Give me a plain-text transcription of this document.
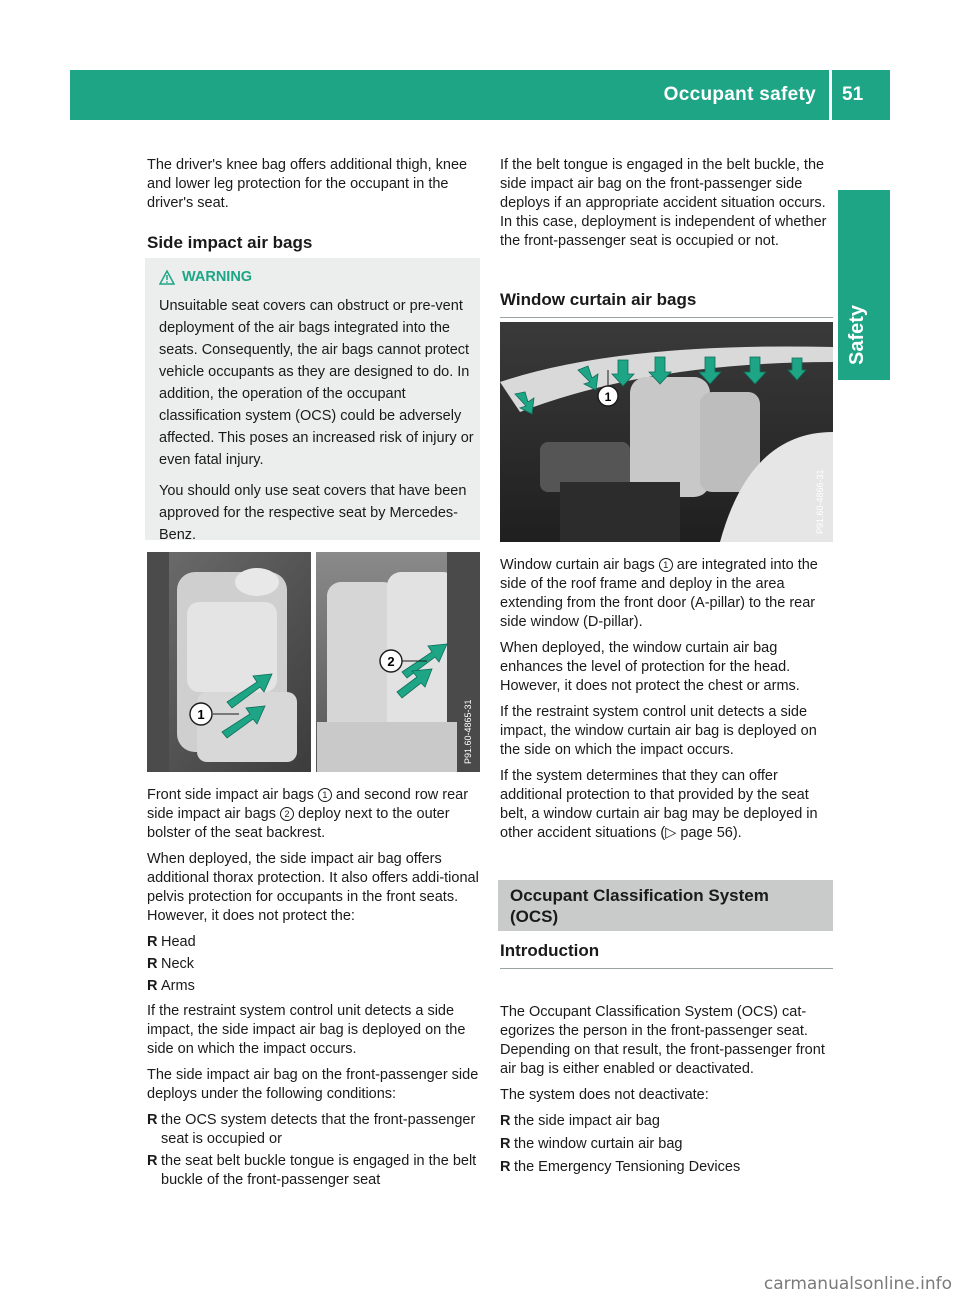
Occupant safety 51
Safety

The driver's knee bag offers additional thigh, knee and lower leg protection for the occupant in the driver's seat.

Side impact air bags
WARNING

Unsuitable seat covers can obstruct or pre-vent deployment of the air bags integrated into the seats. Consequently, the air bags cannot protect vehicle occupants as they are designed to do. In addition, the operation of the occupant classification system (OCS) could be adversely affected. This poses an increased risk of injury or even fatal injury.

You should only use seat covers that have been approved for the respective seat by Mercedes-Benz.

1
2
P91.60-4865-31

Front side impact air bags 1 and second row rear side impact air bags 2 deploy next to the outer bolster of the seat backrest.

When deployed, the side impact air bag offers additional thorax protection. It also offers addi-tional pelvis protection for occupants in the front seats. However, it does not protect the:

R Head
R Neck
R Arms

If the restraint system control unit detects a side impact, the side impact air bag is deployed on the side on which the impact occurs.

The side impact air bag on the front-passenger side deploys under the following conditions:

R the OCS system detects that the front-passenger seat is occupied or
R the seat belt buckle tongue is engaged in the belt buckle of the front-passenger seat

If the belt tongue is engaged in the belt buckle, the side impact air bag on the front-passenger side deploys if an appropriate accident situation occurs. In this case, deployment is independent of whether the front-passenger seat is occupied or not.

Window curtain air bags
1
P91.60-4866-31

Window curtain air bags 1 are integrated into the side of the roof frame and deploy in the area extending from the front door (A-pillar) to the rear side window (D-pillar).

When deployed, the window curtain air bag enhances the level of protection for the head. However, it does not protect the chest or arms.

If the restraint system control unit detects a side impact, the window curtain air bag is deployed on the side on which the impact occurs.

If the system determines that they can offer additional protection to that provided by the seat belt, a window curtain air bag may be deployed in other accident situations (▷ page 56).

Occupant Classification System (OCS)
Introduction

The Occupant Classification System (OCS) cat-egorizes the person in the front-passenger seat. Depending on that result, the front-passenger front air bag is either enabled or deactivated.

The system does not deactivate:

R the side impact air bag
R the window curtain air bag
R the Emergency Tensioning Devices
carmanualsonline.info
